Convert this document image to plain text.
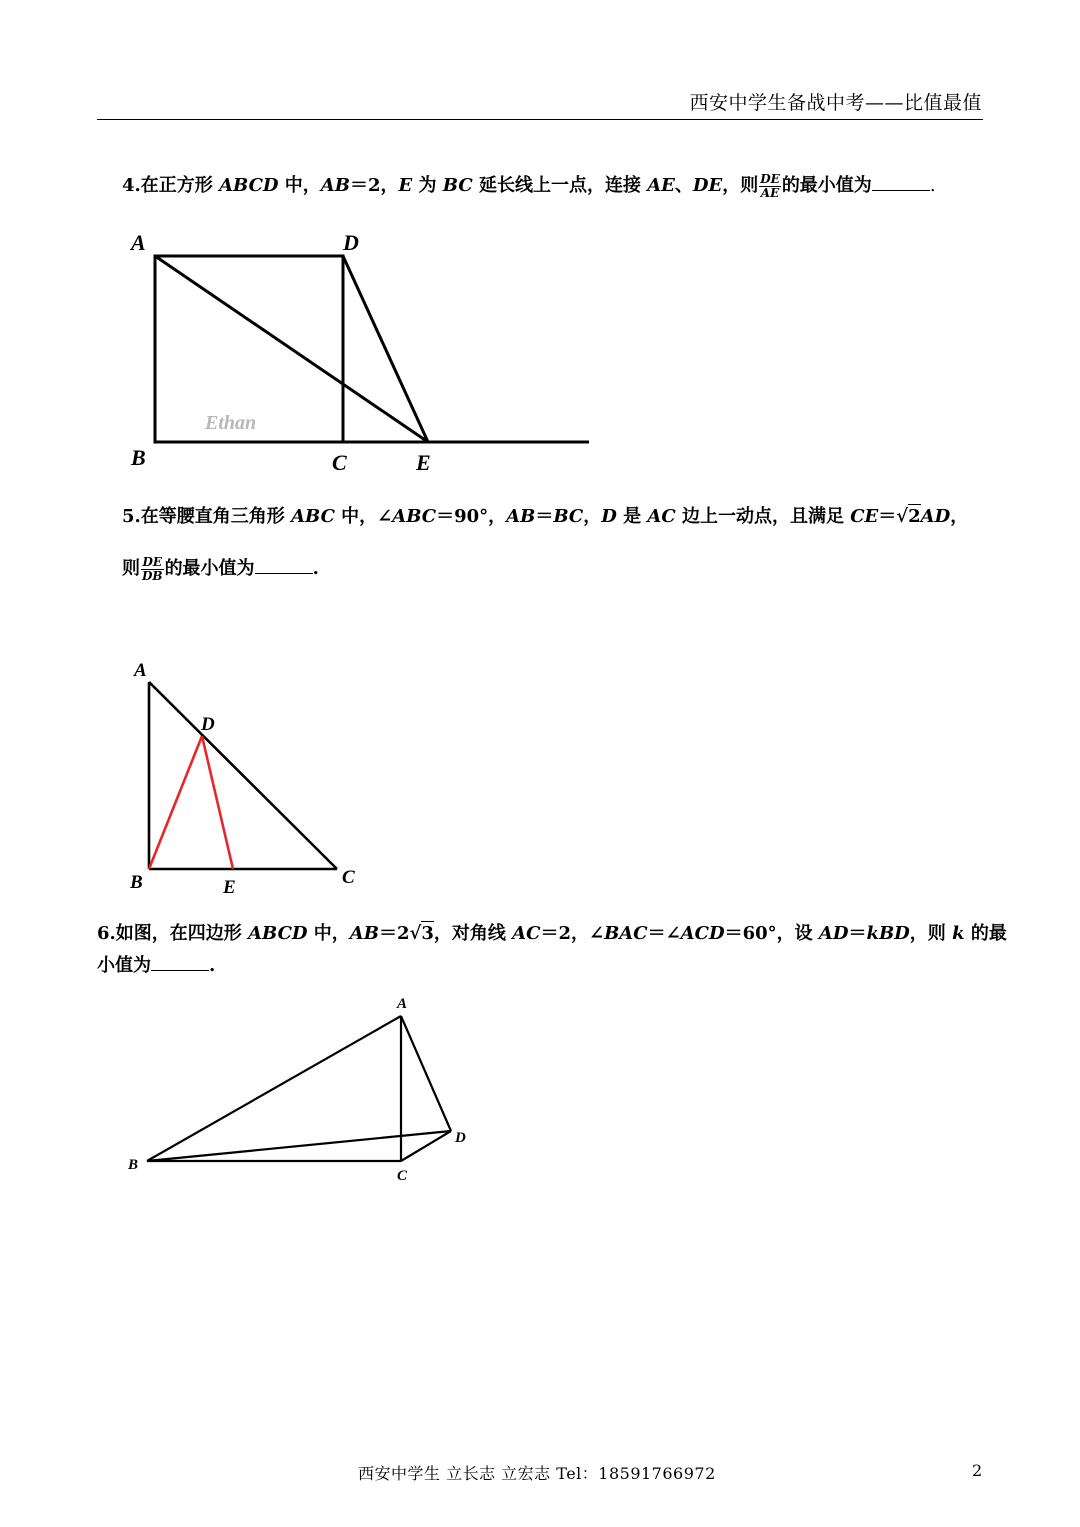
西安中学生备战中考——比值最值
4.在正方形 ABCD 中，AB＝2，E 为 BC 延长线上一点，连接 AE、DE，则 $\frac{DE}{AE}$ 的最小值为	.
A	D
B	C	E
Ethan
A
D
B	E	C
A
B
C
D
5.在等腰直角三角形 ABC 中，∠ABC＝90°，AB＝BC，D 是 AC 边上一动点，且满足 CE＝√2AD，
则 $\frac{DE}{DB}$ 的最小值为	.
6.如图，在四边形 ABCD 中，AB＝2√3，对角线 AC＝2，∠BAC＝∠ACD＝60°，设 AD＝kBD，则 k 的最
小值为	.
西安中学生 立长志 立宏志 Tel：18591766972	2
